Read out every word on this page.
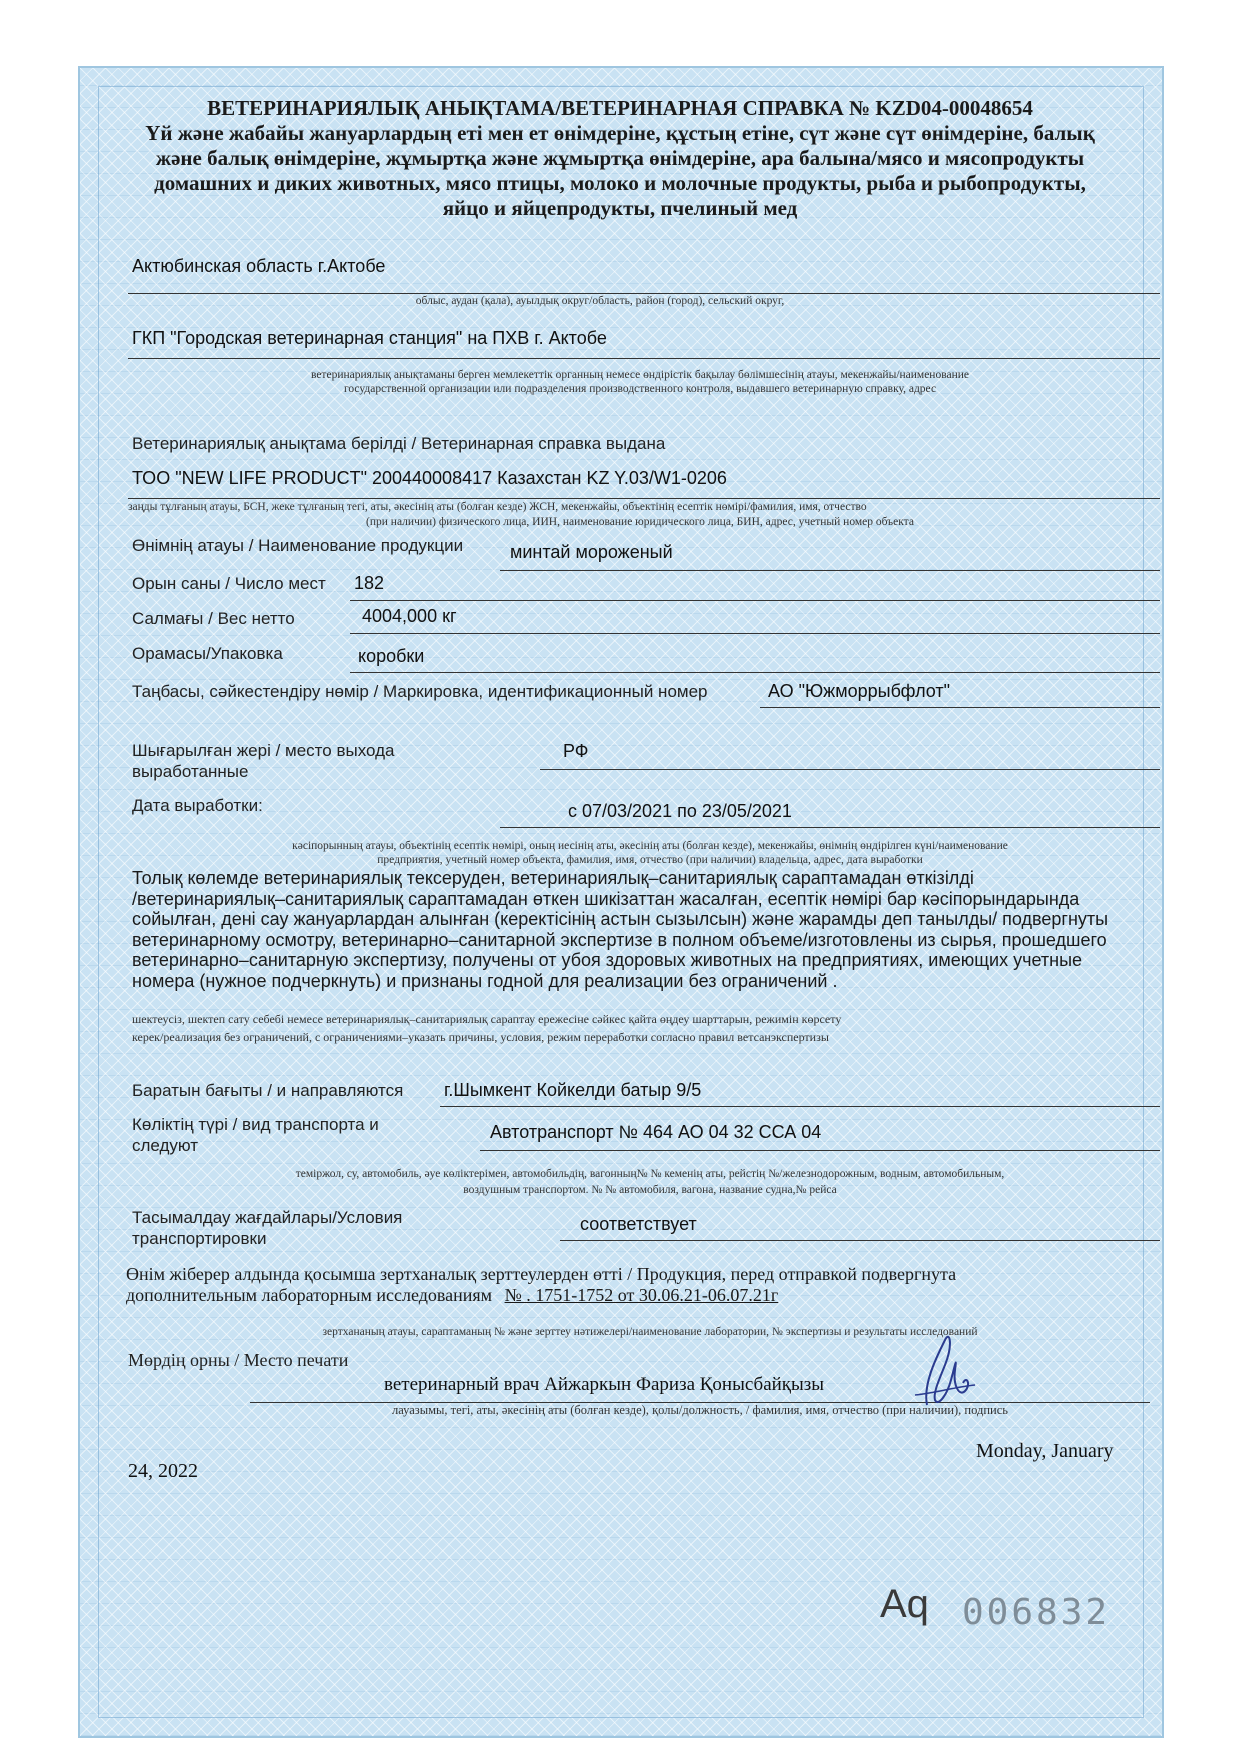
ВЕТЕРИНАРИЯЛЫҚ АНЫҚТАМА/ВЕТЕРИНАРНАЯ СПРАВКА № KZD04-00048654
Үй және жабайы жануарлардың еті мен ет өнімдеріне, құстың етіне, сүт және сүт өнімдеріне, балық
және балық өнімдеріне, жұмыртқа және жұмыртқа өнімдеріне, ара балына/мясо и мясопродукты
домашних и диких животных, мясо птицы, молоко и молочные продукты, рыба и рыбопродукты,
яйцо и яйцепродукты, пчелиный мед
Актюбинская область г.Актобе
облыс, аудан (қала), ауылдық округ/область, район (город), сельский округ,
ГКП "Городская ветеринарная станция" на ПХВ г. Актобе
ветеринариялық анықтаманы берген мемлекеттік органның немесе өндірістік бақылау бөлімшесінің атауы, мекенжайы/наименование
государственной организации или подразделения производственного контроля, выдавшего ветеринарную справку, адрес
Ветеринариялық анықтама берілді / Ветеринарная справка выдана
ТОО "NEW LIFE PRODUCT" 200440008417 Казахстан KZ Y.03/W1-0206
заңды тұлғаның атауы, БСН, жеке тұлғаның тегі, аты, әкесінің аты (болған кезде) ЖСН, мекенжайы, объектінің есептік нөмірі/фамилия, имя, отчество
(при наличии) физического лица, ИИН, наименование юридического лица, БИН, адрес, учетный номер объекта
Өнімнің атауы / Наименование продукции	минтай мороженый
Орын саны / Число мест 182
Салмағы / Вес нетто	4004,000 кг
Орамасы/Упаковка	коробки
Таңбасы, сәйкестендіру нөмір / Маркировка, идентификационный номер	АО "Южморрыбфлот"
Шығарылған жері / место выхода выработанные
РФ
Дата выработки:	с 07/03/2021 по 23/05/2021
кәсіпорынның атауы, объектінің есептік нөмірі, оның иесінің аты, әкесінің аты (болған кезде), мекенжайы, өнімнің өндірілген күні/наименование
предприятия, учетный номер объекта, фамилия, имя, отчество (при наличии) владельца, адрес, дата выработки
Толық көлемде ветеринариялық тексеруден, ветеринариялық–санитариялық сараптамадан өткізілді
/ветеринариялық–санитариялық сараптамадан өткен шикізаттан жасалған, есептік нөмірі бар кәсіпорындарында
сойылған, дені сау жануарлардан алынған (керектісінің астын сызылсын) және жарамды деп танылды/ подвергнуты
ветеринарному осмотру, ветеринарно–санитарной экспертизе в полном объеме/изготовлены из сырья, прошедшего
ветеринарно–санитарную экспертизу, получены от убоя здоровых животных на предприятиях, имеющих учетные
номера (нужное подчеркнуть) и признаны годной для реализации без ограничений .
шектеусіз, шектеп сату себебі немесе ветеринариялық–санитариялық сараптау ережесіне сәйкес қайта өңдеу шарттарын, режимін көрсету
керек/реализация без ограничений, с ограничениями–указать причины, условия, режим переработки согласно правил ветсанэкспертизы
Баратын бағыты / и направляются г.Шымкент Койкелди батыр 9/5
Көліктің түрі / вид транспорта и следуют
Автотранспорт № 464 АО 04 32 ССА 04
теміржол, су, автомобиль, әуе көліктерімен, автомобильдің, вагонның№ № кеменің аты, рейстің №/железнодорожным, водным, автомобильным,
воздушным транспортом. № № автомобиля, вагона, название судна,№ рейса
Тасымалдау жағдайлары/Условия транспортировки
соответствует
Өнім жіберер алдында қосымша зертханалық зерттеулерден өтті / Продукция, перед отправкой подвергнута
дополнительным лабораторным исследованиям № . 1751-1752 от 30.06.21-06.07.21г
зертхананың атауы, сараптаманың № және зерттеу нәтижелері/наименование лаборатории, № экспертизы и результаты исследований
Мөрдің орны / Место печати
ветеринарный врач Айжаркын Фариза Қонысбайқызы
лауазымы, тегі, аты, әкесінің аты (болған кезде), қолы/должность, / фамилия, имя, отчество (при наличии), подпись
Monday, January
24, 2022
Aq 006832
